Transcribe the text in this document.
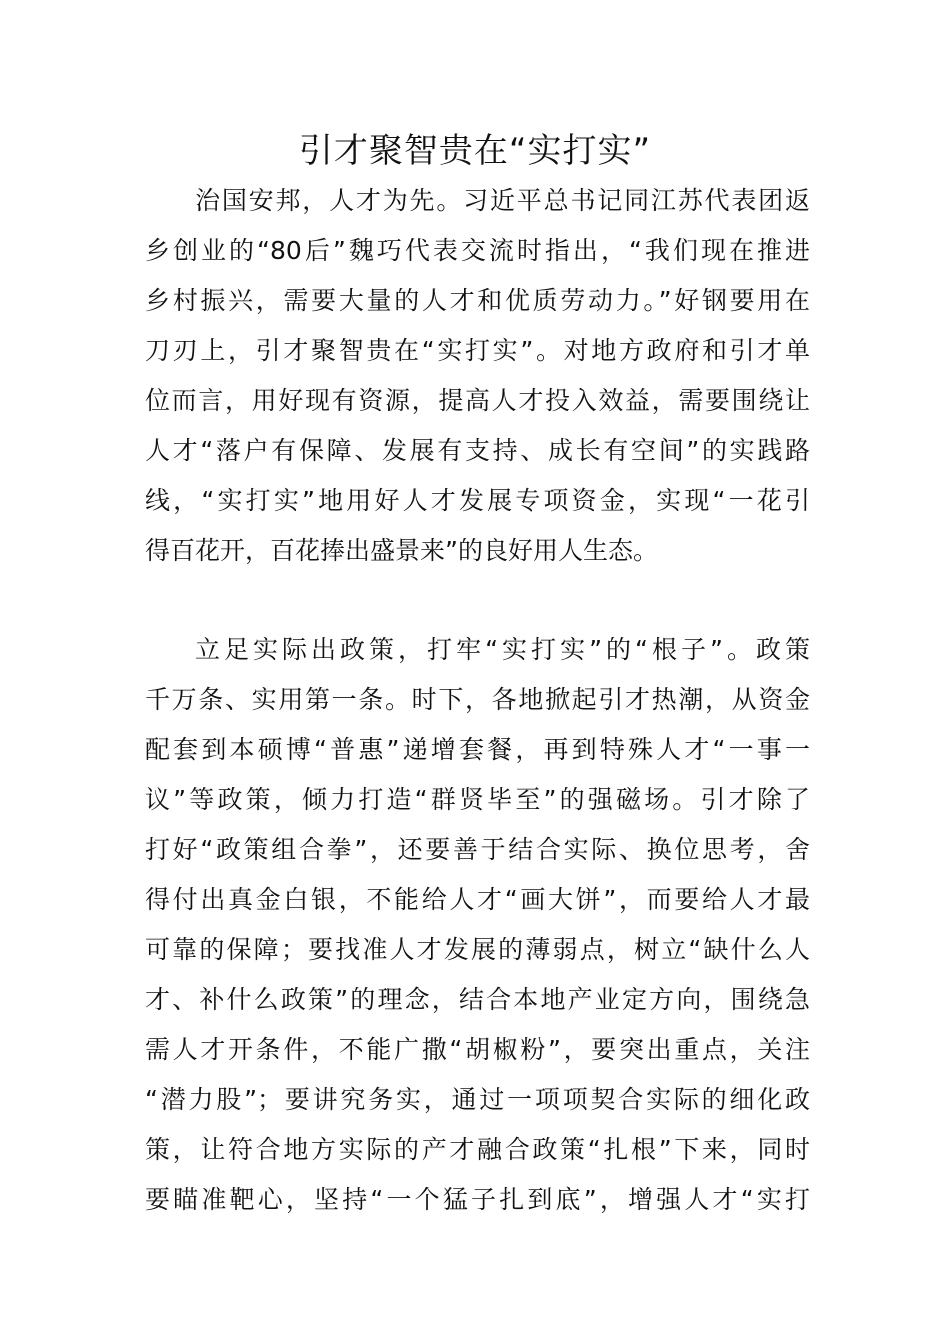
引才聚智贵在“实打实”
治国安邦，人才为先。习近平总书记同江苏代表团返
乡创业的“80后”魏巧代表交流时指出，“我们现在推进
乡村振兴，需要大量的人才和优质劳动力。”好钢要用在
刀刃上，引才聚智贵在“实打实”。对地方政府和引才单
位而言，用好现有资源，提高人才投入效益，需要围绕让
人才“落户有保障、发展有支持、成长有空间”的实践路
线，“实打实”地用好人才发展专项资金，实现“一花引
得百花开，百花捧出盛景来”的良好用人生态。
立足实际出政策，打牢“实打实”的“根子”。政策
千万条、实用第一条。时下，各地掀起引才热潮，从资金
配套到本硕博“普惠”递增套餐，再到特殊人才“一事一
议”等政策，倾力打造“群贤毕至”的强磁场。引才除了
打好“政策组合拳”，还要善于结合实际、换位思考，舍
得付出真金白银，不能给人才“画大饼”，而要给人才最
可靠的保障；要找准人才发展的薄弱点，树立“缺什么人
才、补什么政策”的理念，结合本地产业定方向，围绕急
需人才开条件，不能广撒“胡椒粉”，要突出重点，关注
“潜力股”；要讲究务实，通过一项项契合实际的细化政
策，让符合地方实际的产才融合政策“扎根”下来，同时
要瞄准靶心，坚持“一个猛子扎到底”，增强人才“实打
